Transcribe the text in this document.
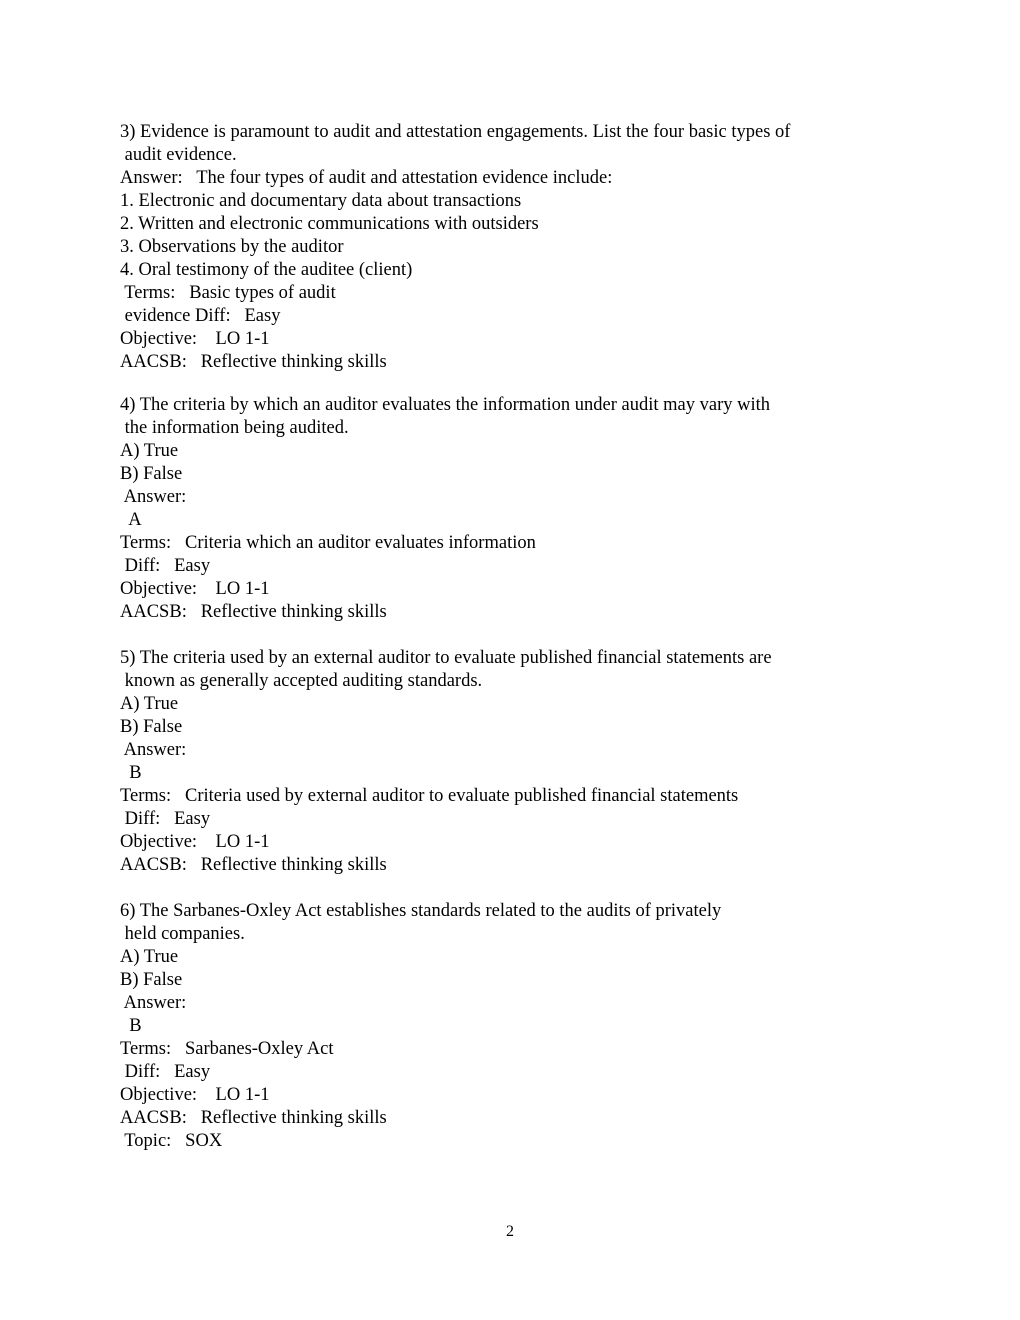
3) Evidence is paramount to audit and attestation engagements. List the four basic types of
audit evidence.
Answer:   The four types of audit and attestation evidence include:
1. Electronic and documentary data about transactions
2. Written and electronic communications with outsiders
3. Observations by the auditor
4. Oral testimony of the auditee (client)
Terms:   Basic types of audit
evidence Diff:   Easy
Objective:    LO 1-1
AACSB:   Reflective thinking skills
4) The criteria by which an auditor evaluates the information under audit may vary with
the information being audited.
A) True
B) False
Answer:
A
Terms:   Criteria which an auditor evaluates information
Diff:   Easy
Objective:    LO 1-1
AACSB:   Reflective thinking skills
5) The criteria used by an external auditor to evaluate published financial statements are
known as generally accepted auditing standards.
A) True
B) False
Answer:
B
Terms:   Criteria used by external auditor to evaluate published financial statements
Diff:   Easy
Objective:    LO 1-1
AACSB:   Reflective thinking skills
6) The Sarbanes-Oxley Act establishes standards related to the audits of privately
held companies.
A) True
B) False
Answer:
B
Terms:   Sarbanes-Oxley Act
Diff:   Easy
Objective:    LO 1-1
AACSB:   Reflective thinking skills
Topic:   SOX
2
